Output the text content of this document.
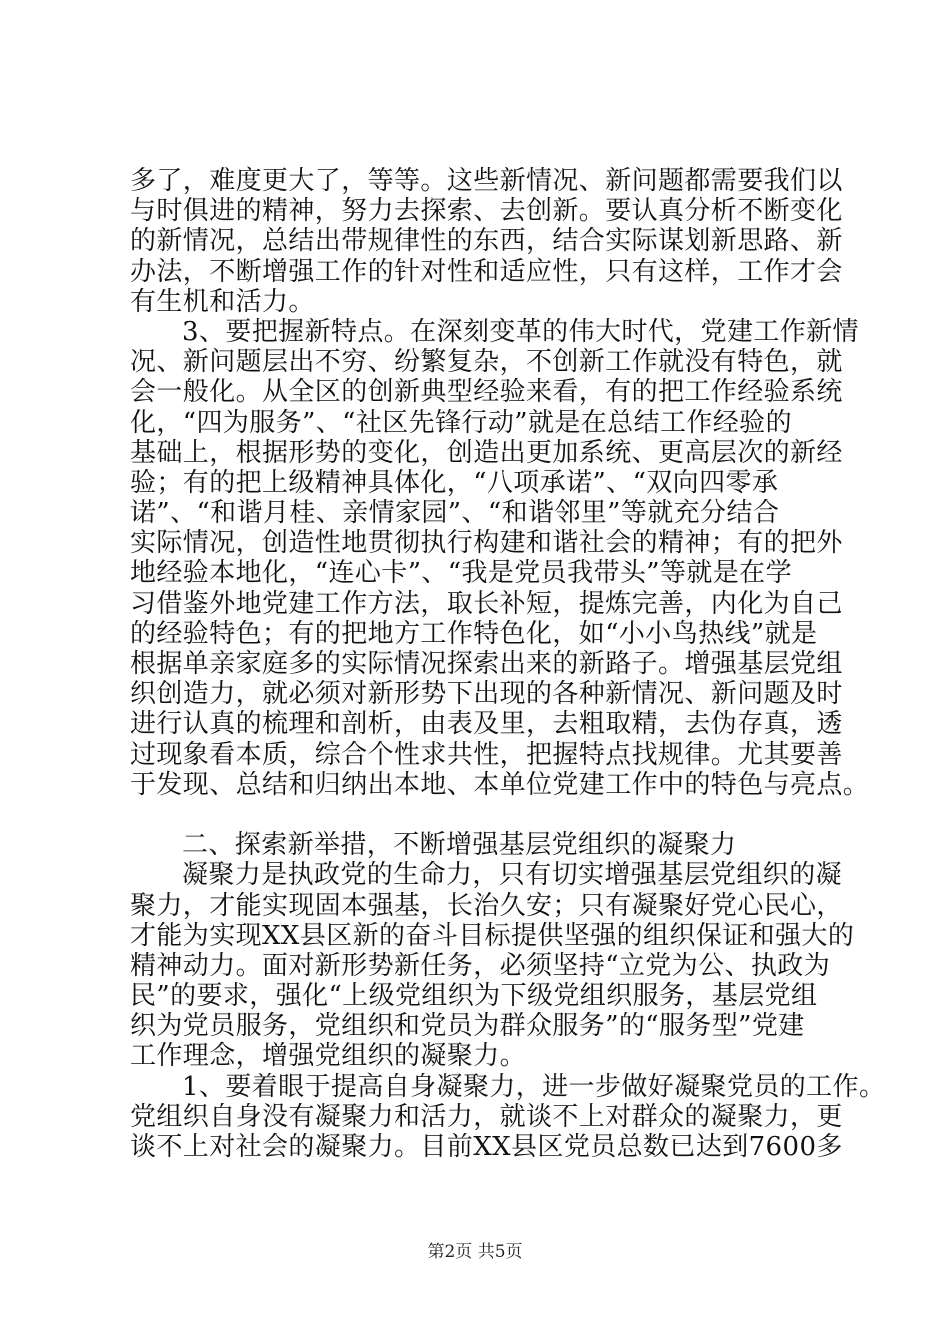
多了，难度更大了，等等。这些新情况、新问题都需要我们以
与时俱进的精神，努力去探索、去创新。要认真分析不断变化
的新情况，总结出带规律性的东西，结合实际谋划新思路、新
办法，不断增强工作的针对性和适应性，只有这样，工作才会
有生机和活力。
3、要把握新特点。在深刻变革的伟大时代，党建工作新情
况、新问题层出不穷、纷繁复杂，不创新工作就没有特色，就
会一般化。从全区的创新典型经验来看，有的把工作经验系统
化，“四为服务”、“社区先锋行动”就是在总结工作经验的
基础上，根据形势的变化，创造出更加系统、更高层次的新经
验；有的把上级精神具体化，“八项承诺”、“双向四零承
诺”、“和谐月桂、亲情家园”、“和谐邻里”等就充分结合
实际情况，创造性地贯彻执行构建和谐社会的精神；有的把外
地经验本地化，“连心卡”、“我是党员我带头”等就是在学
习借鉴外地党建工作方法，取长补短，提炼完善，内化为自己
的经验特色；有的把地方工作特色化，如“小小鸟热线”就是
根据单亲家庭多的实际情况探索出来的新路子。增强基层党组
织创造力，就必须对新形势下出现的各种新情况、新问题及时
进行认真的梳理和剖析，由表及里，去粗取精，去伪存真，透
过现象看本质，综合个性求共性，把握特点找规律。尤其要善
于发现、总结和归纳出本地、本单位党建工作中的特色与亮点。
二、探索新举措，不断增强基层党组织的凝聚力
凝聚力是执政党的生命力，只有切实增强基层党组织的凝
聚力，才能实现固本强基，长治久安；只有凝聚好党心民心，
才能为实现XX县区新的奋斗目标提供坚强的组织保证和强大的
精神动力。面对新形势新任务，必须坚持“立党为公、执政为
民”的要求，强化“上级党组织为下级党组织服务，基层党组
织为党员服务，党组织和党员为群众服务”的“服务型”党建
工作理念，增强党组织的凝聚力。
1、要着眼于提高自身凝聚力，进一步做好凝聚党员的工作。
党组织自身没有凝聚力和活力，就谈不上对群众的凝聚力，更
谈不上对社会的凝聚力。目前XX县区党员总数已达到7600多
第2页 共5页
